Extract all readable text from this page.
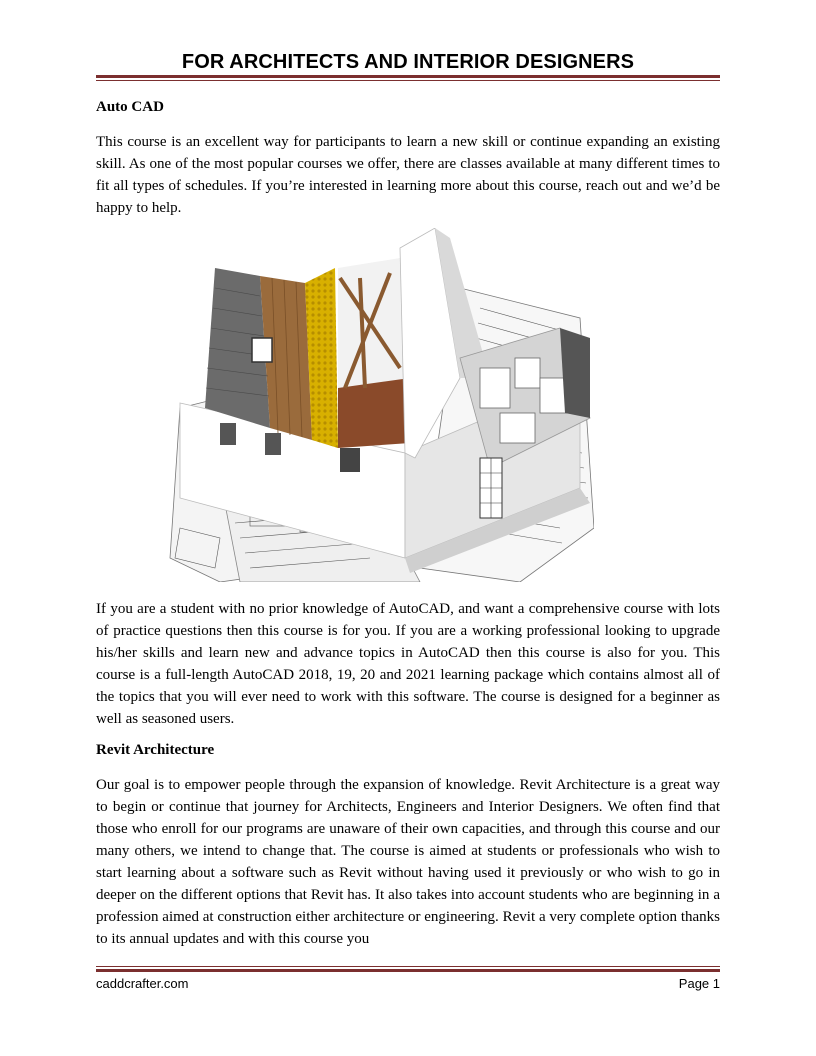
FOR ARCHITECTS AND INTERIOR DESIGNERS
Auto CAD

This course is an excellent way for participants to learn a new skill or continue expanding an existing skill. As one of the most popular courses we offer, there are classes available at many different times to fit all types of schedules. If you’re interested in learning more about this course, reach out and we’d be happy to help.

If you are a student with no prior knowledge of AutoCAD, and want a comprehensive course with lots of practice questions then this course is for you. If you are a working professional looking to upgrade his/her skills and learn new and advance topics in AutoCAD then this course is also for you. This course is a full-length AutoCAD 2018, 19, 20 and 2021 learning package which contains almost all of the topics that you will ever need to work with this software. The course is designed for a beginner as well as seasoned users.

Revit Architecture

Our goal is to empower people through the expansion of knowledge. Revit Architecture is a great way to begin or continue that journey for Architects, Engineers and Interior Designers. We often find that those who enroll for our programs are unaware of their own capacities, and through this course and our many others, we intend to change that. The course is aimed at students or professionals who wish to start learning about a software such as Revit without having used it previously or who wish to go in deeper on the different options that Revit has. It also takes into account students who are beginning in a profession aimed at construction either architecture or engineering. Revit a very complete option thanks to its annual updates and with this course you

caddcrafter.com	Page 1
